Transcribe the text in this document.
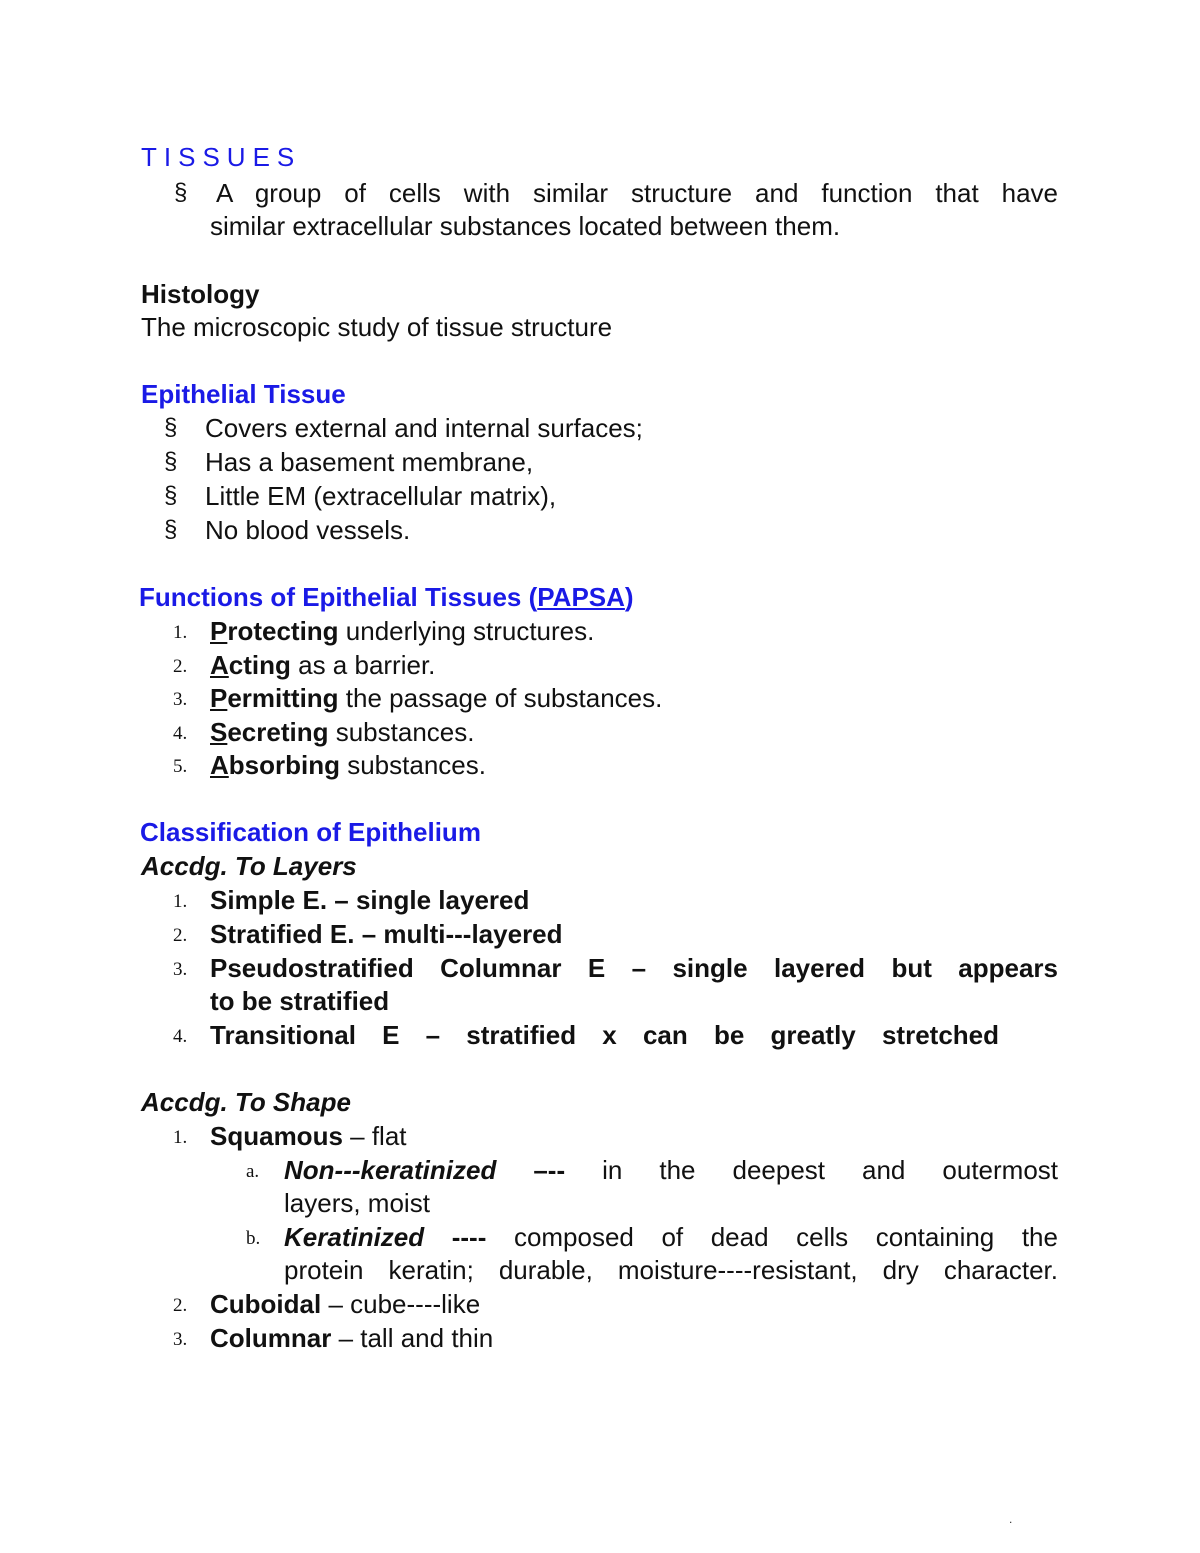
TISSUES
§ A group of cells with similar structure and function that have
similar extracellular substances located between them.
Histology
The microscopic study of tissue structure
Epithelial Tissue
§ Covers external and internal surfaces;
§ Has a basement membrane,
§ Little EM (extracellular matrix),
§ No blood vessels.
Functions of Epithelial Tissues (PAPSA)
1. Protecting underlying structures.
2. Acting as a barrier.
3. Permitting the passage of substances.
4. Secreting substances.
5. Absorbing substances.
Classification of Epithelium
Accdg. To Layers
1. Simple E. – single layered
2. Stratified E. – multi---layered
3. Pseudostratified Columnar E – single layered but appears
to be stratified
4. Transitional E – stratified x can be greatly stretched
Accdg. To Shape
1. Squamous – flat
a. Non---keratinized –-- in the deepest and outermost
layers, moist
b. Keratinized ---- composed of dead cells containing the
protein keratin; durable, moisture----resistant, dry character.
2. Cuboidal – cube----like
3. Columnar – tall and thin
.
